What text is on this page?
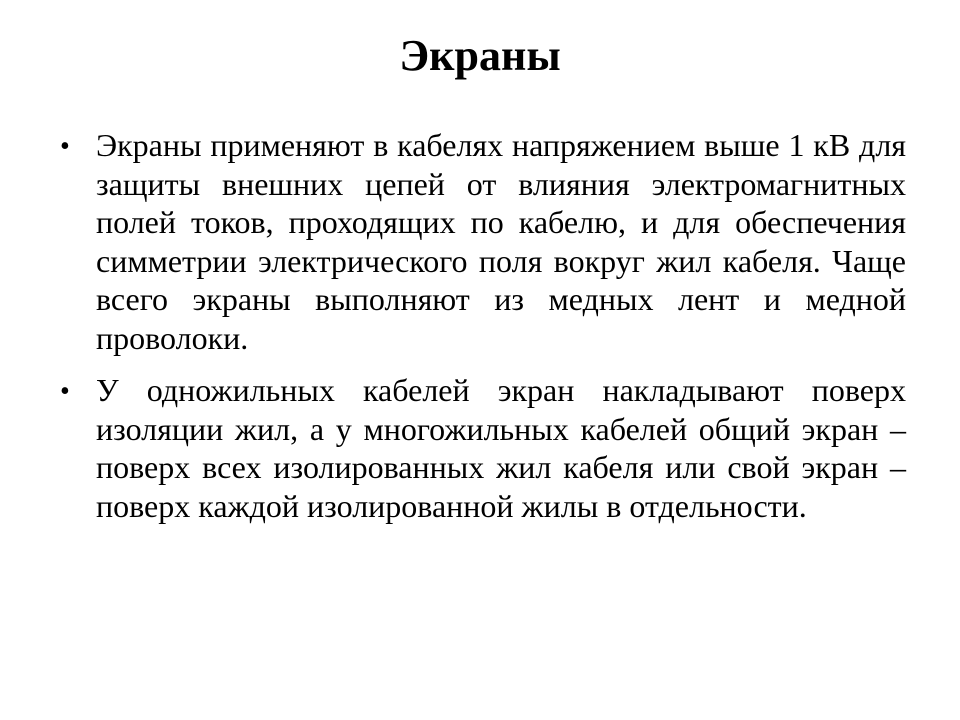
Экраны
• Экраны применяют в кабелях напряжением выше 1 кВ для защиты внешних цепей от влияния электромагнитных полей токов, проходящих по кабелю, и для обеспечения симметрии электрического поля вокруг жил кабеля. Чаще всего экраны выполняют из медных лент и медной проволоки.
• У одножильных кабелей экран накладывают поверх изоляции жил, а у многожильных кабелей общий экран – поверх всех изолированных жил кабеля или свой экран – поверх каждой изолированной жилы в отдельности.
